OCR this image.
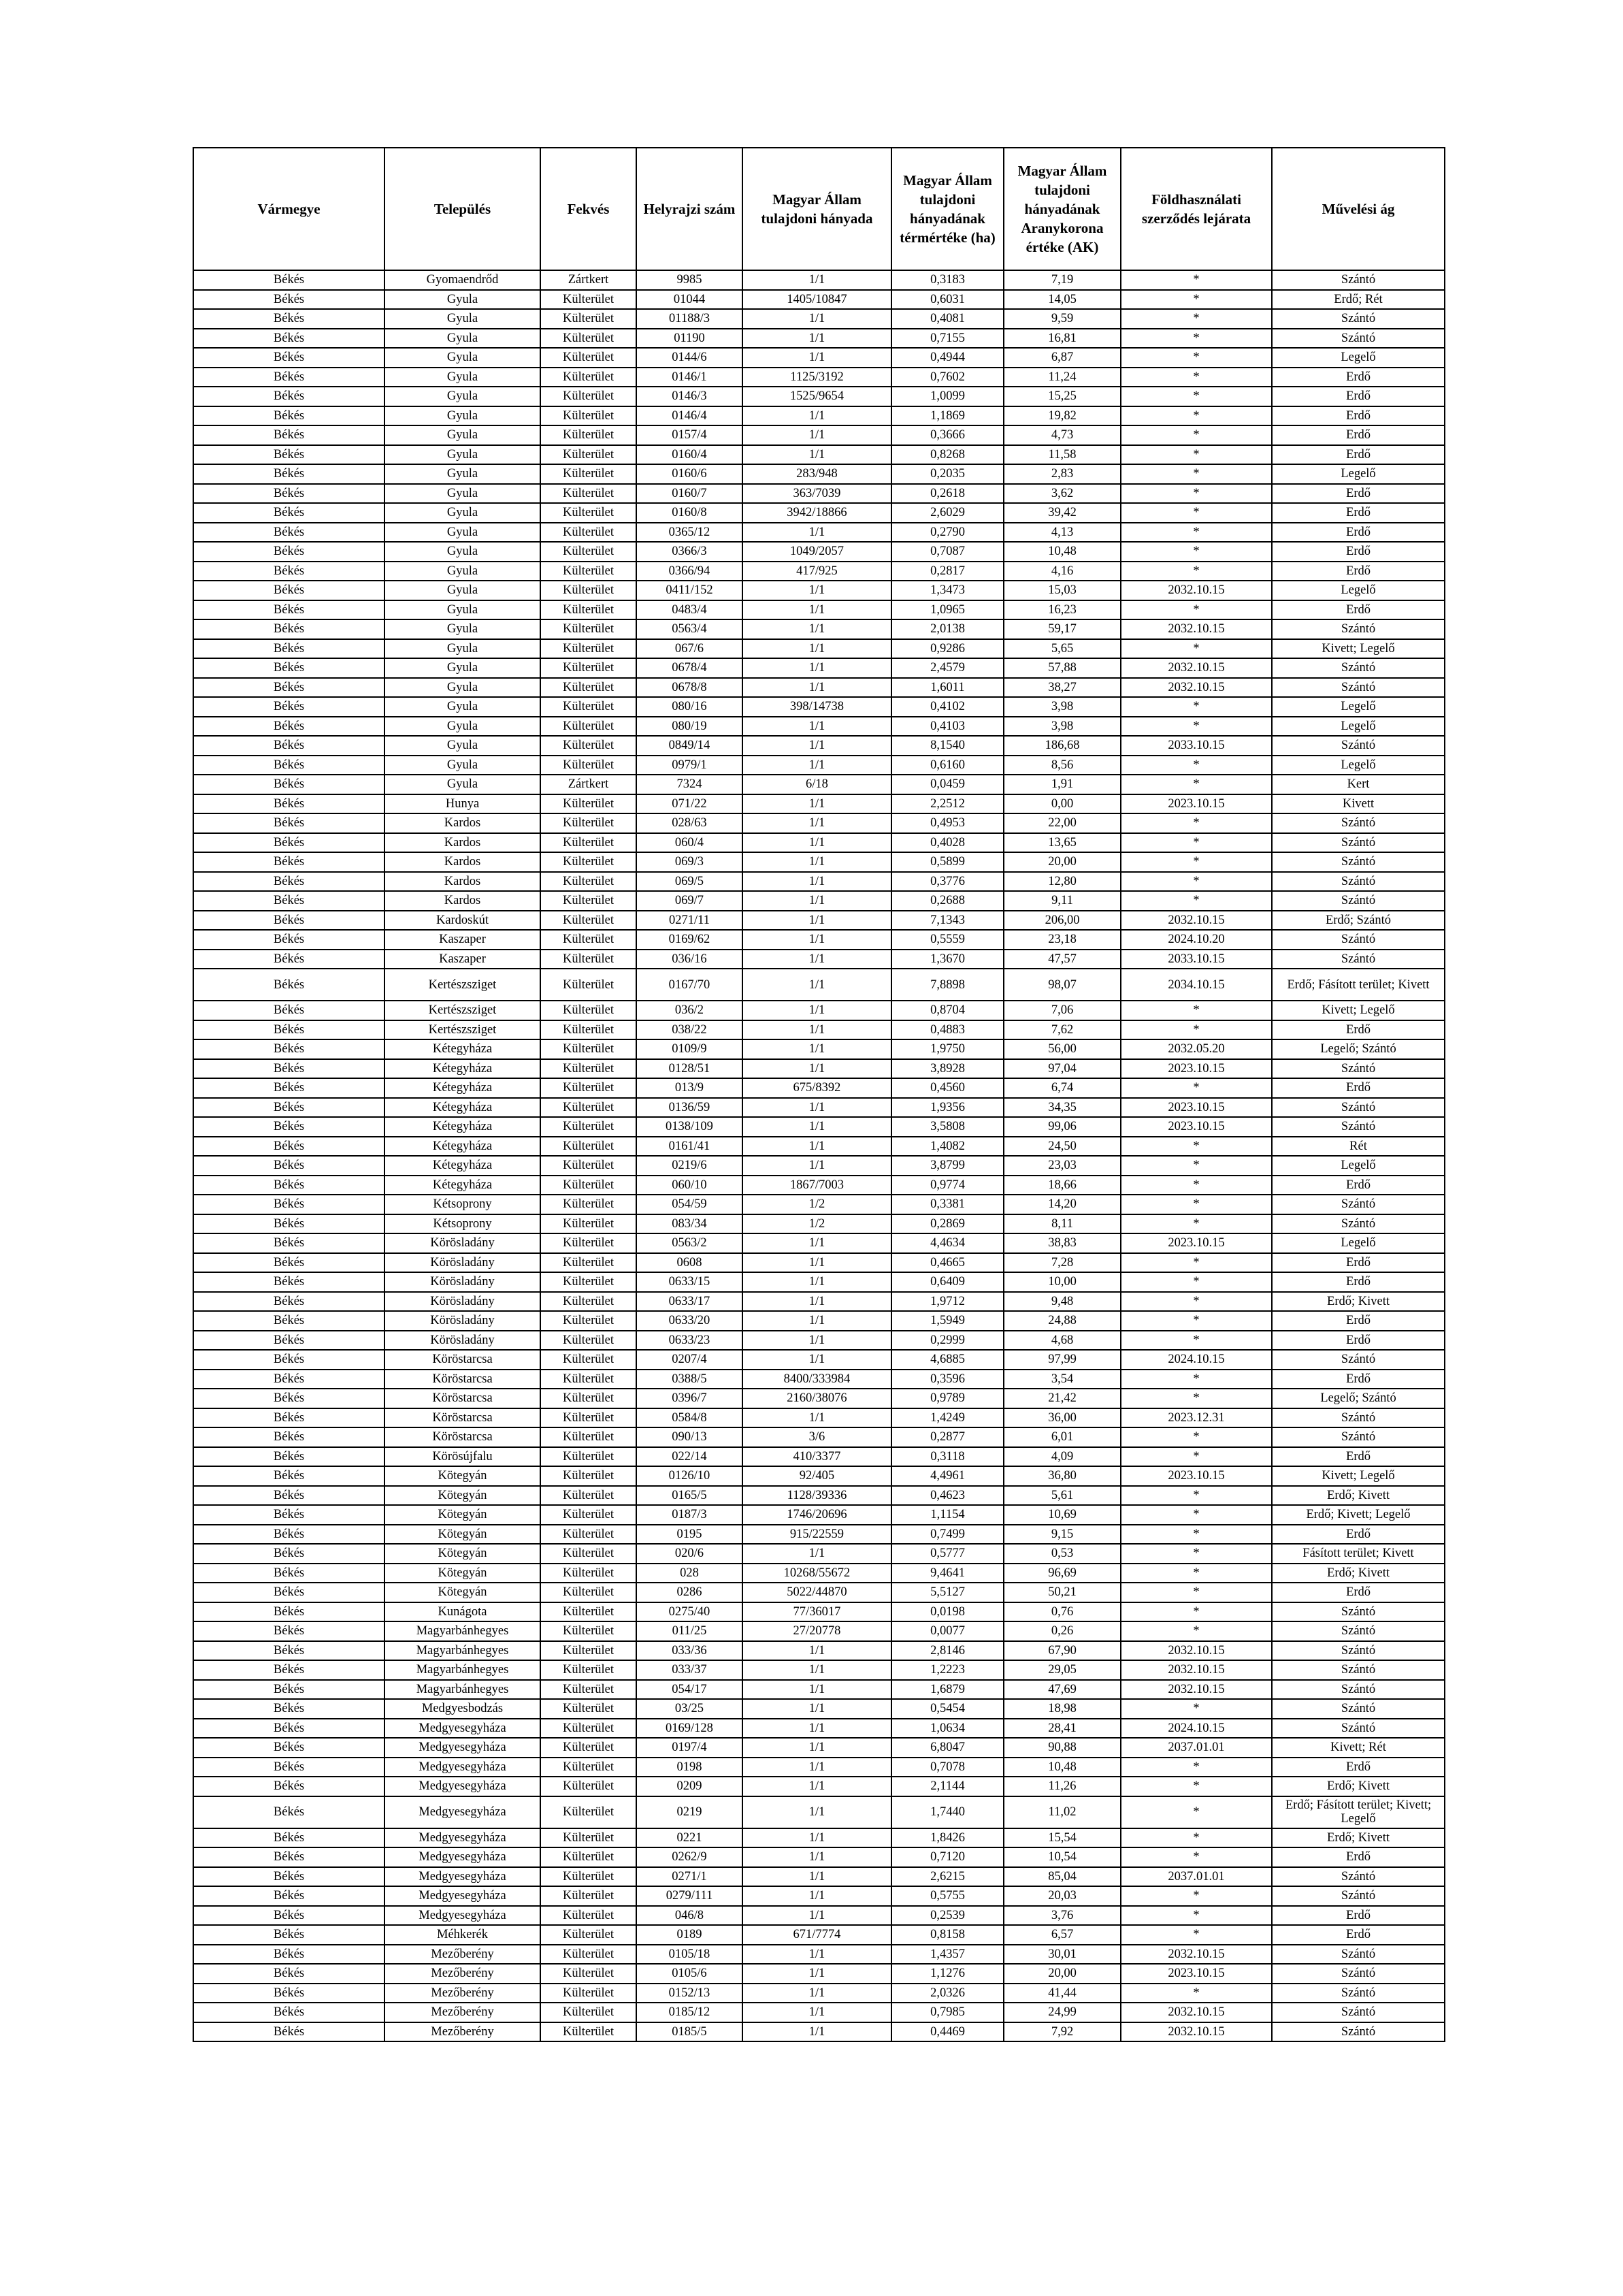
Vármegye	Település	Fekvés	Helyrajzi szám	Magyar Állam tulajdoni hányada	Magyar Állam tulajdoni hányadának térmértéke (ha)	Magyar Állam tulajdoni hányadának Aranykorona értéke (AK)	Földhasználati szerződés lejárata	Művelési ág
Békés	Gyomaendrőd	Zártkert	9985	1/1	0,3183	7,19	*	Szántó
Békés	Gyula	Külterület	01044	1405/10847	0,6031	14,05	*	Erdő; Rét
Békés	Gyula	Külterület	01188/3	1/1	0,4081	9,59	*	Szántó
Békés	Gyula	Külterület	01190	1/1	0,7155	16,81	*	Szántó
Békés	Gyula	Külterület	0144/6	1/1	0,4944	6,87	*	Legelő
Békés	Gyula	Külterület	0146/1	1125/3192	0,7602	11,24	*	Erdő
Békés	Gyula	Külterület	0146/3	1525/9654	1,0099	15,25	*	Erdő
Békés	Gyula	Külterület	0146/4	1/1	1,1869	19,82	*	Erdő
Békés	Gyula	Külterület	0157/4	1/1	0,3666	4,73	*	Erdő
Békés	Gyula	Külterület	0160/4	1/1	0,8268	11,58	*	Erdő
Békés	Gyula	Külterület	0160/6	283/948	0,2035	2,83	*	Legelő
Békés	Gyula	Külterület	0160/7	363/7039	0,2618	3,62	*	Erdő
Békés	Gyula	Külterület	0160/8	3942/18866	2,6029	39,42	*	Erdő
Békés	Gyula	Külterület	0365/12	1/1	0,2790	4,13	*	Erdő
Békés	Gyula	Külterület	0366/3	1049/2057	0,7087	10,48	*	Erdő
Békés	Gyula	Külterület	0366/94	417/925	0,2817	4,16	*	Erdő
Békés	Gyula	Külterület	0411/152	1/1	1,3473	15,03	2032.10.15	Legelő
Békés	Gyula	Külterület	0483/4	1/1	1,0965	16,23	*	Erdő
Békés	Gyula	Külterület	0563/4	1/1	2,0138	59,17	2032.10.15	Szántó
Békés	Gyula	Külterület	067/6	1/1	0,9286	5,65	*	Kivett; Legelő
Békés	Gyula	Külterület	0678/4	1/1	2,4579	57,88	2032.10.15	Szántó
Békés	Gyula	Külterület	0678/8	1/1	1,6011	38,27	2032.10.15	Szántó
Békés	Gyula	Külterület	080/16	398/14738	0,4102	3,98	*	Legelő
Békés	Gyula	Külterület	080/19	1/1	0,4103	3,98	*	Legelő
Békés	Gyula	Külterület	0849/14	1/1	8,1540	186,68	2033.10.15	Szántó
Békés	Gyula	Külterület	0979/1	1/1	0,6160	8,56	*	Legelő
Békés	Gyula	Zártkert	7324	6/18	0,0459	1,91	*	Kert
Békés	Hunya	Külterület	071/22	1/1	2,2512	0,00	2023.10.15	Kivett
Békés	Kardos	Külterület	028/63	1/1	0,4953	22,00	*	Szántó
Békés	Kardos	Külterület	060/4	1/1	0,4028	13,65	*	Szántó
Békés	Kardos	Külterület	069/3	1/1	0,5899	20,00	*	Szántó
Békés	Kardos	Külterület	069/5	1/1	0,3776	12,80	*	Szántó
Békés	Kardos	Külterület	069/7	1/1	0,2688	9,11	*	Szántó
Békés	Kardoskút	Külterület	0271/11	1/1	7,1343	206,00	2032.10.15	Erdő; Szántó
Békés	Kaszaper	Külterület	0169/62	1/1	0,5559	23,18	2024.10.20	Szántó
Békés	Kaszaper	Külterület	036/16	1/1	1,3670	47,57	2033.10.15	Szántó
Békés	Kertészsziget	Külterület	0167/70	1/1	7,8898	98,07	2034.10.15	Erdő; Fásított terület; Kivett
Békés	Kertészsziget	Külterület	036/2	1/1	0,8704	7,06	*	Kivett; Legelő
Békés	Kertészsziget	Külterület	038/22	1/1	0,4883	7,62	*	Erdő
Békés	Kétegyháza	Külterület	0109/9	1/1	1,9750	56,00	2032.05.20	Legelő; Szántó
Békés	Kétegyháza	Külterület	0128/51	1/1	3,8928	97,04	2023.10.15	Szántó
Békés	Kétegyháza	Külterület	013/9	675/8392	0,4560	6,74	*	Erdő
Békés	Kétegyháza	Külterület	0136/59	1/1	1,9356	34,35	2023.10.15	Szántó
Békés	Kétegyháza	Külterület	0138/109	1/1	3,5808	99,06	2023.10.15	Szántó
Békés	Kétegyháza	Külterület	0161/41	1/1	1,4082	24,50	*	Rét
Békés	Kétegyháza	Külterület	0219/6	1/1	3,8799	23,03	*	Legelő
Békés	Kétegyháza	Külterület	060/10	1867/7003	0,9774	18,66	*	Erdő
Békés	Kétsoprony	Külterület	054/59	1/2	0,3381	14,20	*	Szántó
Békés	Kétsoprony	Külterület	083/34	1/2	0,2869	8,11	*	Szántó
Békés	Körösladány	Külterület	0563/2	1/1	4,4634	38,83	2023.10.15	Legelő
Békés	Körösladány	Külterület	0608	1/1	0,4665	7,28	*	Erdő
Békés	Körösladány	Külterület	0633/15	1/1	0,6409	10,00	*	Erdő
Békés	Körösladány	Külterület	0633/17	1/1	1,9712	9,48	*	Erdő; Kivett
Békés	Körösladány	Külterület	0633/20	1/1	1,5949	24,88	*	Erdő
Békés	Körösladány	Külterület	0633/23	1/1	0,2999	4,68	*	Erdő
Békés	Köröstarcsa	Külterület	0207/4	1/1	4,6885	97,99	2024.10.15	Szántó
Békés	Köröstarcsa	Külterület	0388/5	8400/333984	0,3596	3,54	*	Erdő
Békés	Köröstarcsa	Külterület	0396/7	2160/38076	0,9789	21,42	*	Legelő; Szántó
Békés	Köröstarcsa	Külterület	0584/8	1/1	1,4249	36,00	2023.12.31	Szántó
Békés	Köröstarcsa	Külterület	090/13	3/6	0,2877	6,01	*	Szántó
Békés	Körösújfalu	Külterület	022/14	410/3377	0,3118	4,09	*	Erdő
Békés	Kötegyán	Külterület	0126/10	92/405	4,4961	36,80	2023.10.15	Kivett; Legelő
Békés	Kötegyán	Külterület	0165/5	1128/39336	0,4623	5,61	*	Erdő; Kivett
Békés	Kötegyán	Külterület	0187/3	1746/20696	1,1154	10,69	*	Erdő; Kivett; Legelő
Békés	Kötegyán	Külterület	0195	915/22559	0,7499	9,15	*	Erdő
Békés	Kötegyán	Külterület	020/6	1/1	0,5777	0,53	*	Fásított terület; Kivett
Békés	Kötegyán	Külterület	028	10268/55672	9,4641	96,69	*	Erdő; Kivett
Békés	Kötegyán	Külterület	0286	5022/44870	5,5127	50,21	*	Erdő
Békés	Kunágota	Külterület	0275/40	77/36017	0,0198	0,76	*	Szántó
Békés	Magyarbánhegyes	Külterület	011/25	27/20778	0,0077	0,26	*	Szántó
Békés	Magyarbánhegyes	Külterület	033/36	1/1	2,8146	67,90	2032.10.15	Szántó
Békés	Magyarbánhegyes	Külterület	033/37	1/1	1,2223	29,05	2032.10.15	Szántó
Békés	Magyarbánhegyes	Külterület	054/17	1/1	1,6879	47,69	2032.10.15	Szántó
Békés	Medgyesbodzás	Külterület	03/25	1/1	0,5454	18,98	*	Szántó
Békés	Medgyesegyháza	Külterület	0169/128	1/1	1,0634	28,41	2024.10.15	Szántó
Békés	Medgyesegyháza	Külterület	0197/4	1/1	6,8047	90,88	2037.01.01	Kivett; Rét
Békés	Medgyesegyháza	Külterület	0198	1/1	0,7078	10,48	*	Erdő
Békés	Medgyesegyháza	Külterület	0209	1/1	2,1144	11,26	*	Erdő; Kivett
Békés	Medgyesegyháza	Külterület	0219	1/1	1,7440	11,02	*	Erdő; Fásított terület; Kivett; Legelő
Békés	Medgyesegyháza	Külterület	0221	1/1	1,8426	15,54	*	Erdő; Kivett
Békés	Medgyesegyháza	Külterület	0262/9	1/1	0,7120	10,54	*	Erdő
Békés	Medgyesegyháza	Külterület	0271/1	1/1	2,6215	85,04	2037.01.01	Szántó
Békés	Medgyesegyháza	Külterület	0279/111	1/1	0,5755	20,03	*	Szántó
Békés	Medgyesegyháza	Külterület	046/8	1/1	0,2539	3,76	*	Erdő
Békés	Méhkerék	Külterület	0189	671/7774	0,8158	6,57	*	Erdő
Békés	Mezőberény	Külterület	0105/18	1/1	1,4357	30,01	2032.10.15	Szántó
Békés	Mezőberény	Külterület	0105/6	1/1	1,1276	20,00	2023.10.15	Szántó
Békés	Mezőberény	Külterület	0152/13	1/1	2,0326	41,44	*	Szántó
Békés	Mezőberény	Külterület	0185/12	1/1	0,7985	24,99	2032.10.15	Szántó
Békés	Mezőberény	Külterület	0185/5	1/1	0,4469	7,92	2032.10.15	Szántó
